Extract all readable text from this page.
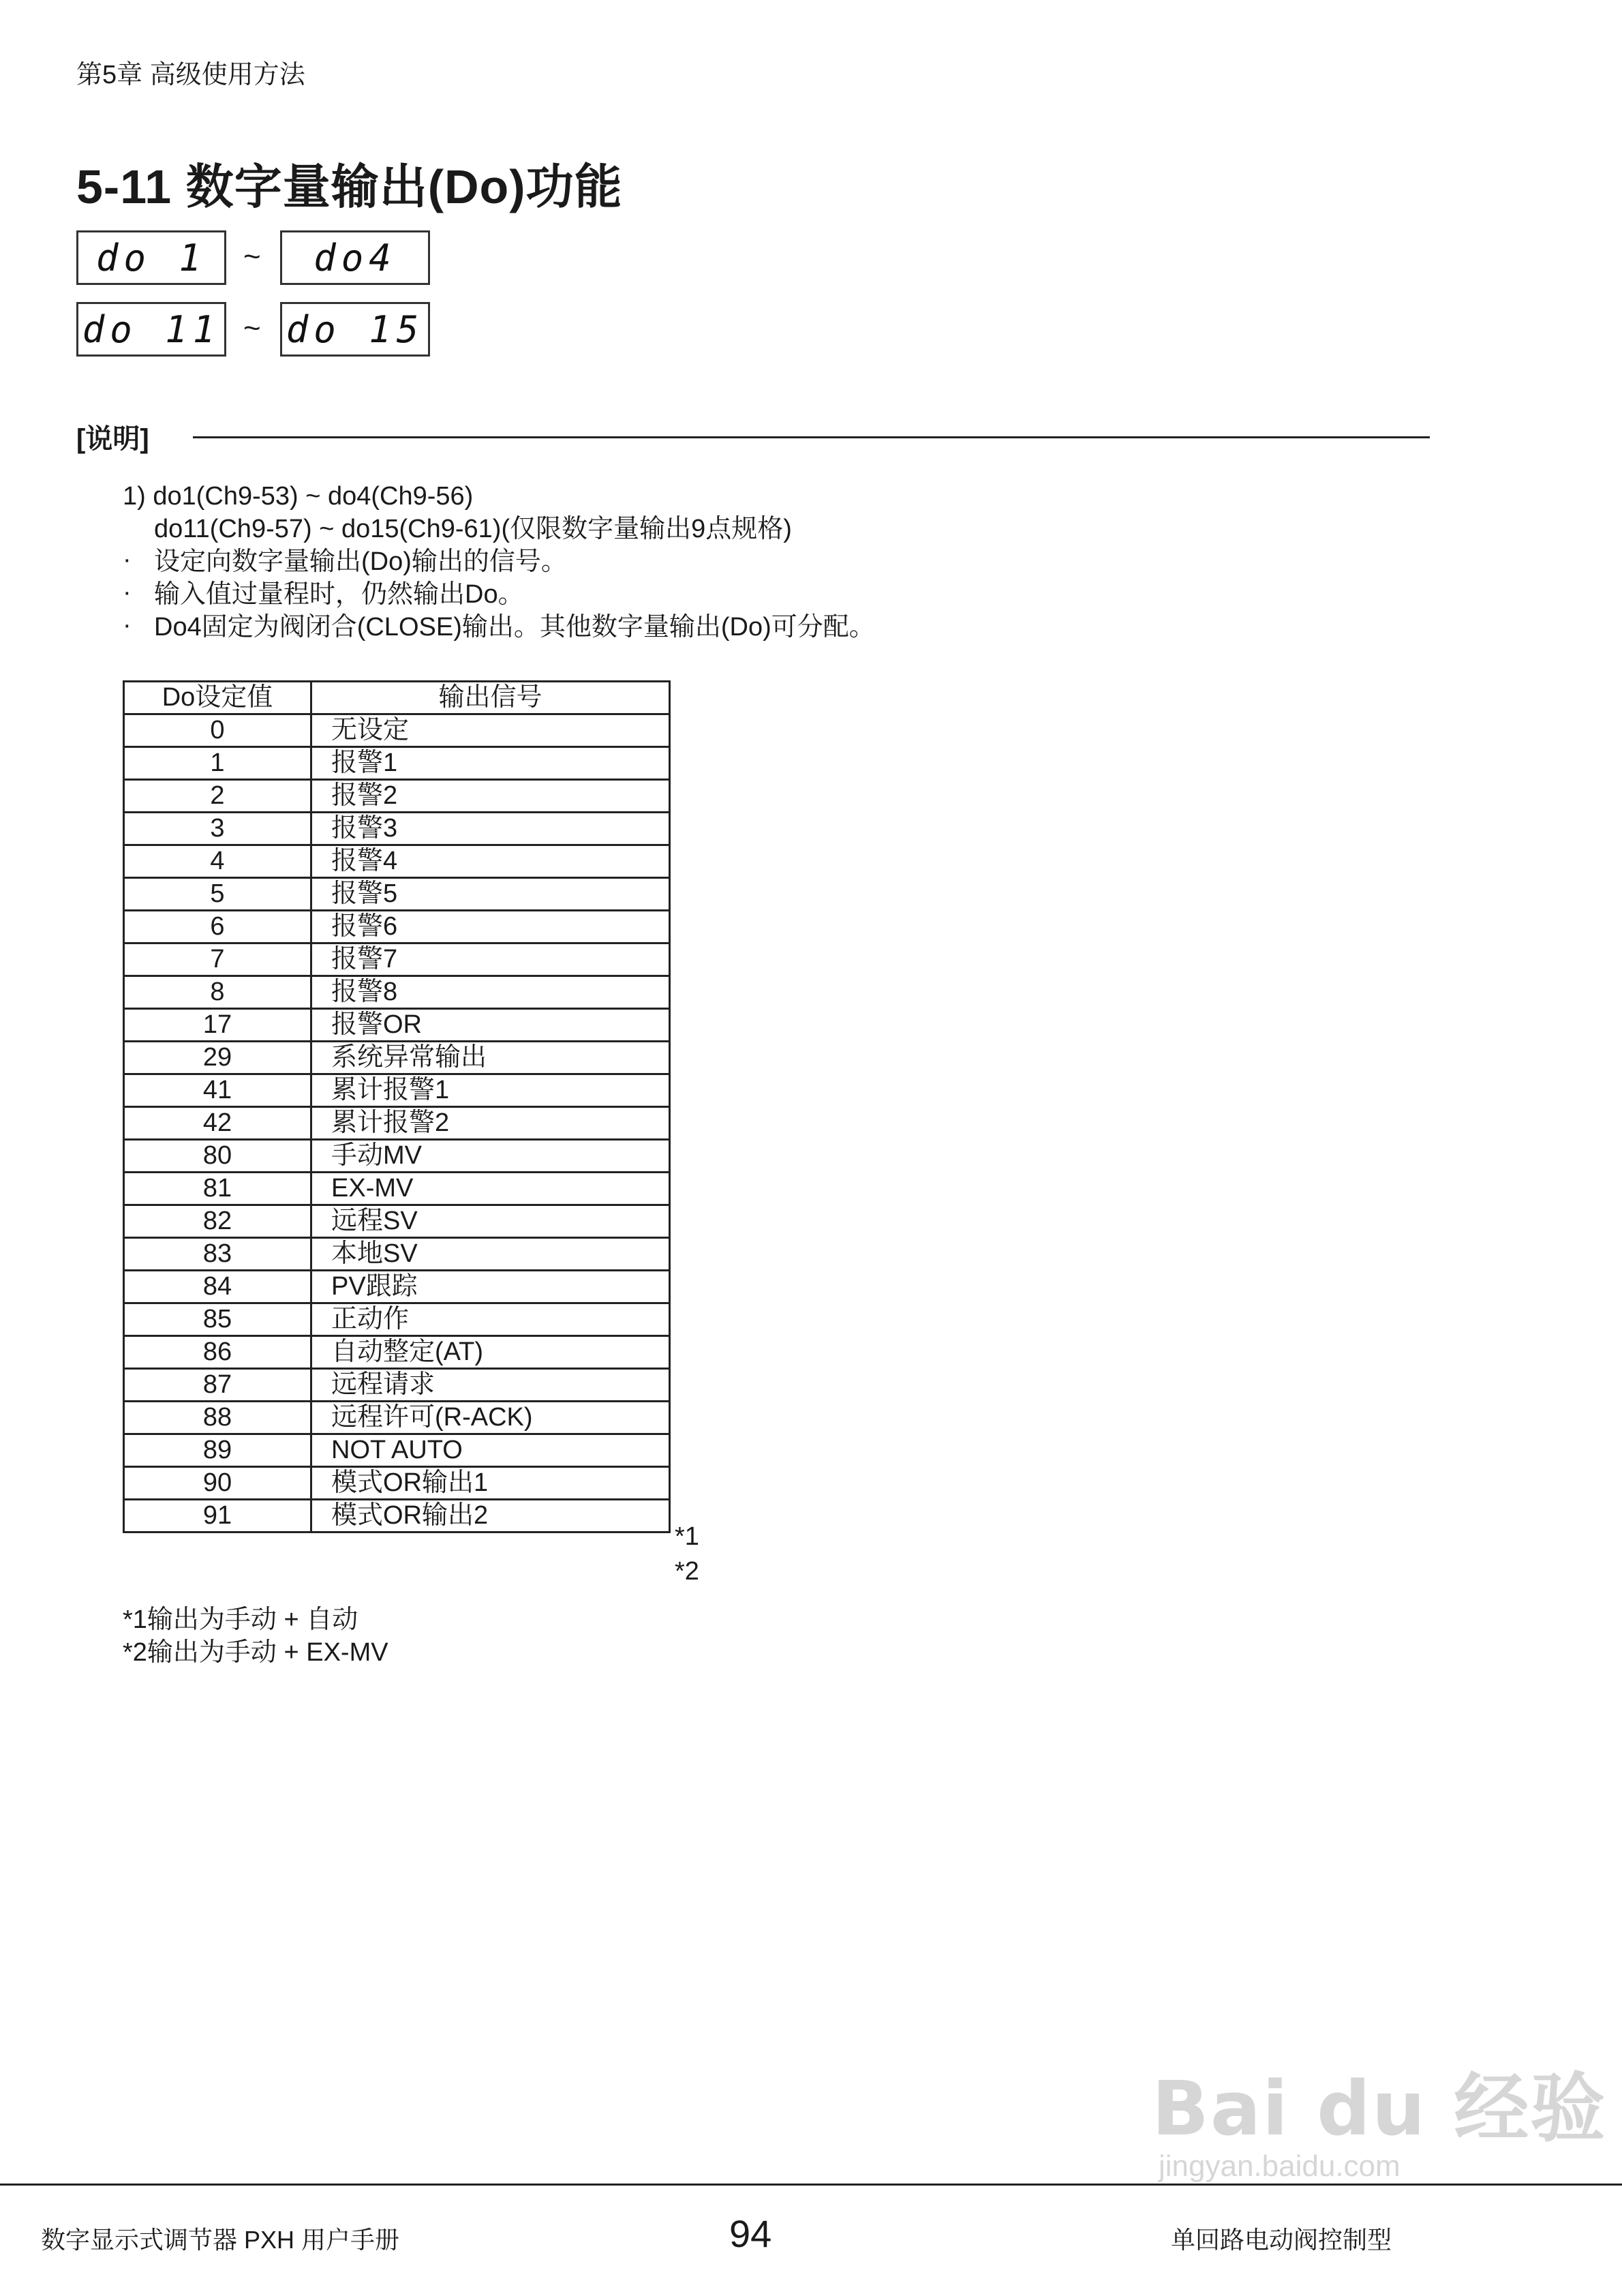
第5章 高级使用方法
5-11 数字量输出(Do)功能
do 1	~	do4
do 11 ~ do 15
[说明]
1) do1(Ch9-53) ~ do4(Ch9-56)
do11(Ch9-57) ~ do15(Ch9-61)(仅限数字量输出9点规格)
· 设定向数字量输出(Do)输出的信号。
· 输入值过量程时，仍然输出Do。
· Do4固定为阀闭合(CLOSE)输出。其他数字量输出(Do)可分配。
Do设定值	输出信号
0	无设定
1	报警1
2	报警2
3	报警3
4	报警4
5	报警5
6	报警6
7	报警7
8	报警8
17	报警OR
29	系统异常输出
41	累计报警1
42	累计报警2
80	手动MV
81	EX-MV
82	远程SV
83	本地SV
84	PV跟踪
85	正动作
86	自动整定(AT)
87	远程请求
88	远程许可(R-ACK)
89	NOT AUTO
90	模式OR输出1
91	模式OR输出2
*1
*2
*1输出为手动 + 自动
*2输出为手动 + EX-MV
Bai du 经验
jingyan.baidu.com
数字显示式调节器 PXH 用户手册	94	单回路电动阀控制型
